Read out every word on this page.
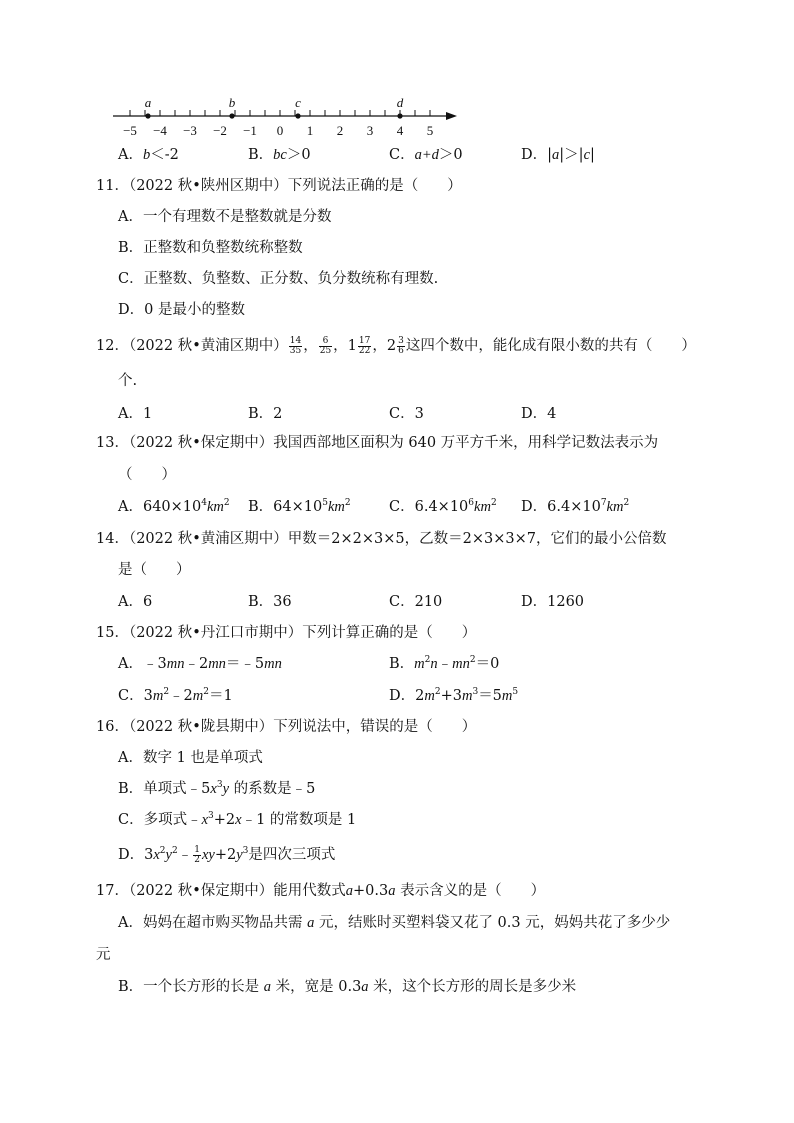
−5 −4 −3 −2 −1 0 1 2 3 4 5
a	b	c	d
A．b＜-2	B．bc＞0	C．a+d＞0	D．|a|＞|c|
11．（2022 秋•陕州区期中）下列说法正确的是（　　）
A．一个有理数不是整数就是分数
B．正整数和负整数统称整数
C．正整数、负整数、正分数、负分数统称有理数.
D．0 是最小的整数
12．（2022 秋•黄浦区期中） $\frac{14}{35}$ ， $\frac{6}{25}$ ，$1 \frac{17}{22}$ ，$2 \frac{3}{6}$ 这四个数中，能化成有限小数的共有（　　）
个.
A．1	B．2	C．3	D．4
13．（2022 秋•保定期中）我国西部地区面积为 640 万平方千米，用科学记数法表示为
（　　）
A．$640\times 10^4km^2$ B．$64\times 10^5km^2$	C．$6.4\times 10^6km^2$ D．$6.4\times 10^7km^2$
14．（2022 秋•黄浦区期中）甲数＝2×2×3×5，乙数＝2×3×3×7，它们的最小公倍数
是（　　）
A．6	B．36	C．210	D．1260
15．（2022 秋•丹江口市期中）下列计算正确的是（　　）
A．﹣3mn﹣2mn＝﹣5mn	B．$m^2n﹣mn^2=0$
C．$3m^2﹣2m^2=1$	D．$2m^2+3m^3=5m^5$
16．（2022 秋•陇县期中）下列说法中，错误的是（　　）
A．数字 1 也是单项式
B．单项式$﹣5x^3y$ 的系数是﹣5
C．多项式$﹣x^3+2x﹣1$ 的常数项是 1
D．$3x^2y^2﹣ \frac{1}{2} xy+2y^3$是四次三项式
17．（2022 秋•保定期中）能用代数式a+0.3a 表示含义的是（　　）
A．妈妈在超市购买物品共需 a 元，结账时买塑料袋又花了 0.3 元，妈妈共花了多少少
元
B．一个长方形的长是 a 米，宽是 0.3a 米，这个长方形的周长是多少米
